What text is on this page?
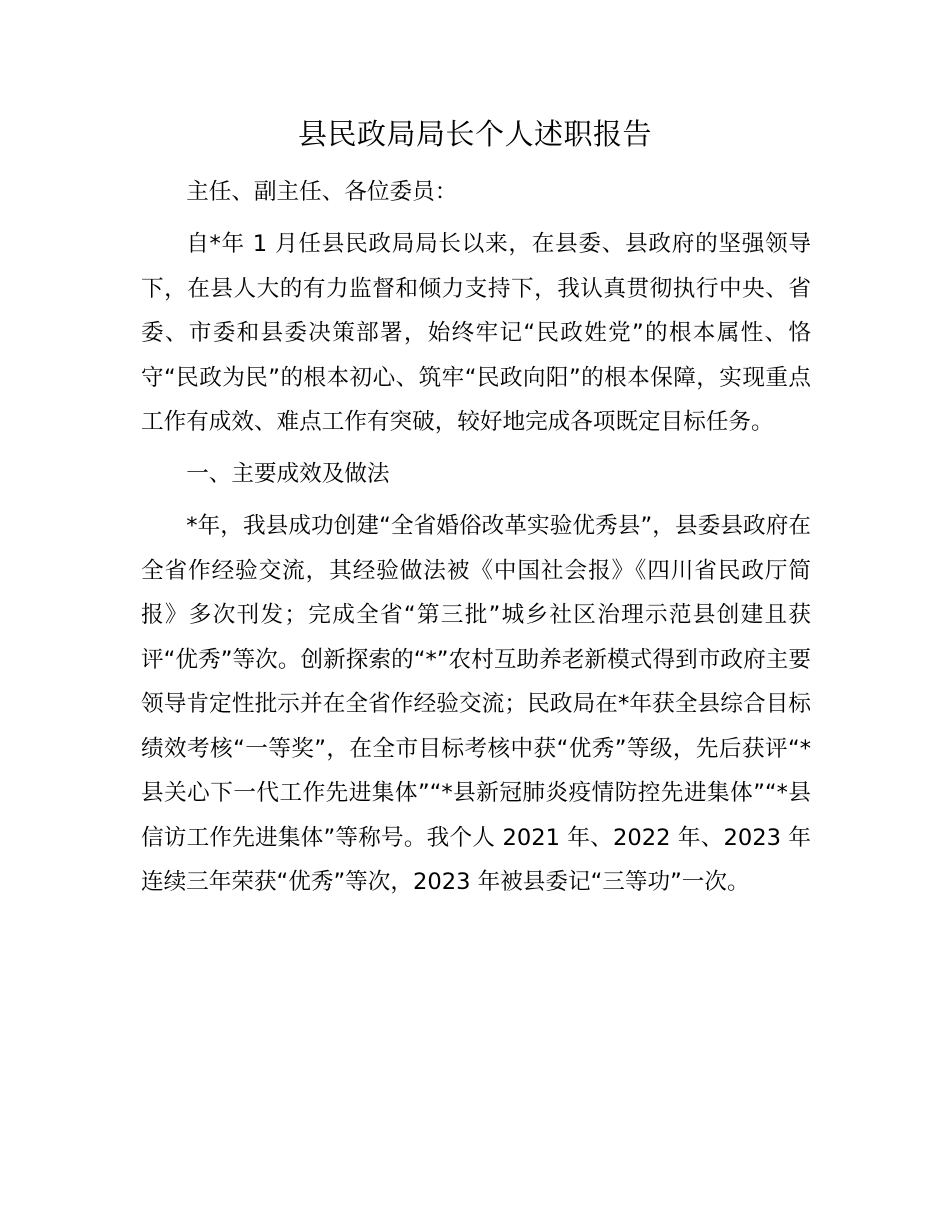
县民政局局长个人述职报告

主任、副主任、各位委员：

自*年 1 月任县民政局局长以来，在县委、县政府的坚强领导下，在县人大的有力监督和倾力支持下，我认真贯彻执行中央、省委、市委和县委决策部署，始终牢记“民政姓党”的根本属性、恪守“民政为民”的根本初心、筑牢“民政向阳”的根本保障，实现重点工作有成效、难点工作有突破，较好地完成各项既定目标任务。

一、主要成效及做法

*年，我县成功创建“全省婚俗改革实验优秀县”，县委县政府在全省作经验交流，其经验做法被《中国社会报》《四川省民政厅简报》多次刊发；完成全省“第三批”城乡社区治理示范县创建且获评“优秀”等次。创新探索的“*”农村互助养老新模式得到市政府主要领导肯定性批示并在全省作经验交流；民政局在*年获全县综合目标绩效考核“一等奖”，在全市目标考核中获“优秀”等级，先后获评“*县关心下一代工作先进集体”“*县新冠肺炎疫情防控先进集体”“*县信访工作先进集体”等称号。我个人 2021 年、2022 年、2023 年连续三年荣获“优秀”等次，2023 年被县委记“三等功”一次。
